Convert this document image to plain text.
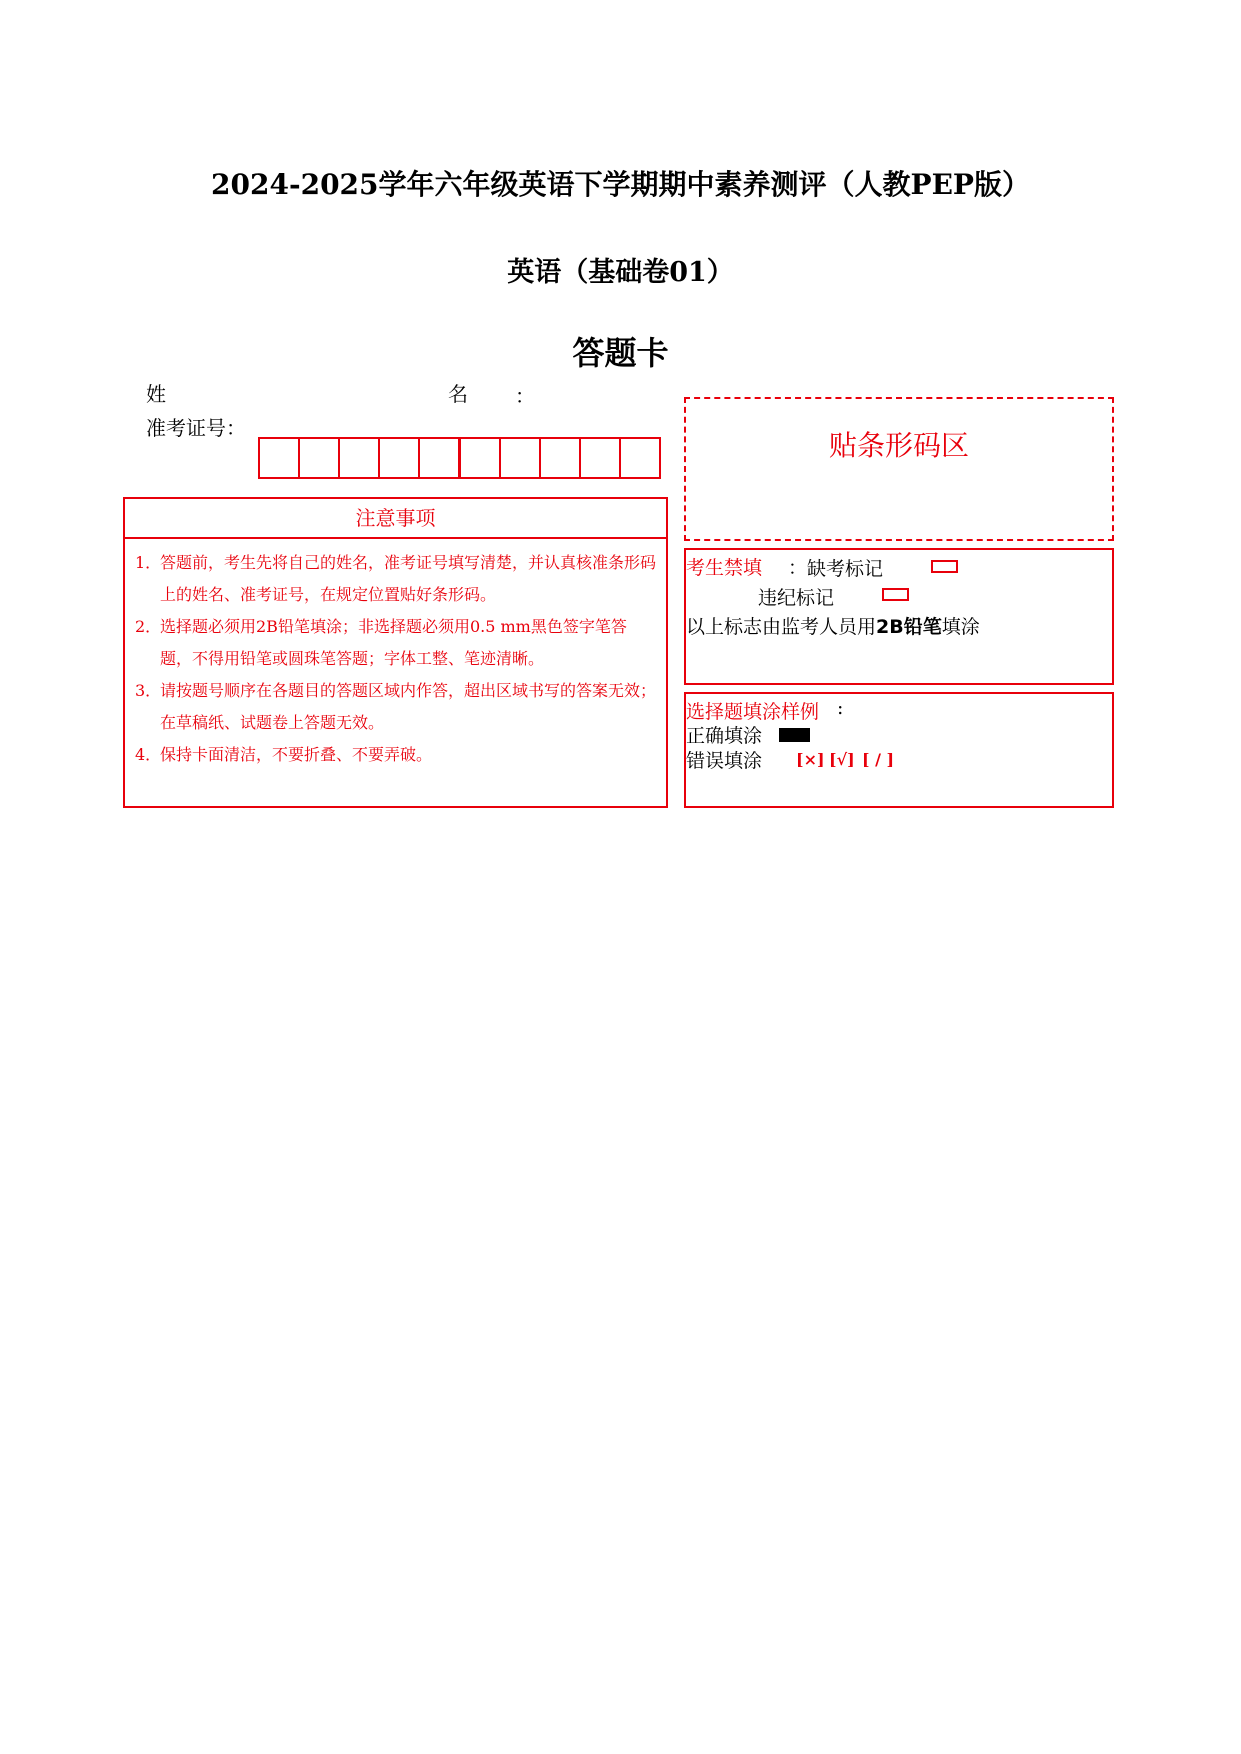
2024-2025学年六年级英语下学期期中素养测评（人教PEP版）
英语（基础卷01）
答题卡
姓	名 ：
准考证号：
注意事项
1．
答题前，考生先将自己的姓名，准考证号填写清楚，并认真核准条形码上的姓名、准考证号，在规定位置贴好条形码。
2．
选择题必须用2B铅笔填涂；非选择题必须用0.5 mm黑色签字笔答题，不得用铅笔或圆珠笔答题；字体工整、笔迹清晰。
3．
请按题号顺序在各题目的答题区域内作答，超出区域书写的答案无效；在草稿纸、试题卷上答题无效。
4．
保持卡面清洁，不要折叠、不要弄破。
贴条形码区
考生禁填 ： 缺考标记
违纪标记
以上标志由监考人员用2B铅笔填涂
选择题填涂样例 :
正确填涂
错误填涂 [×] [√] [ / ]
